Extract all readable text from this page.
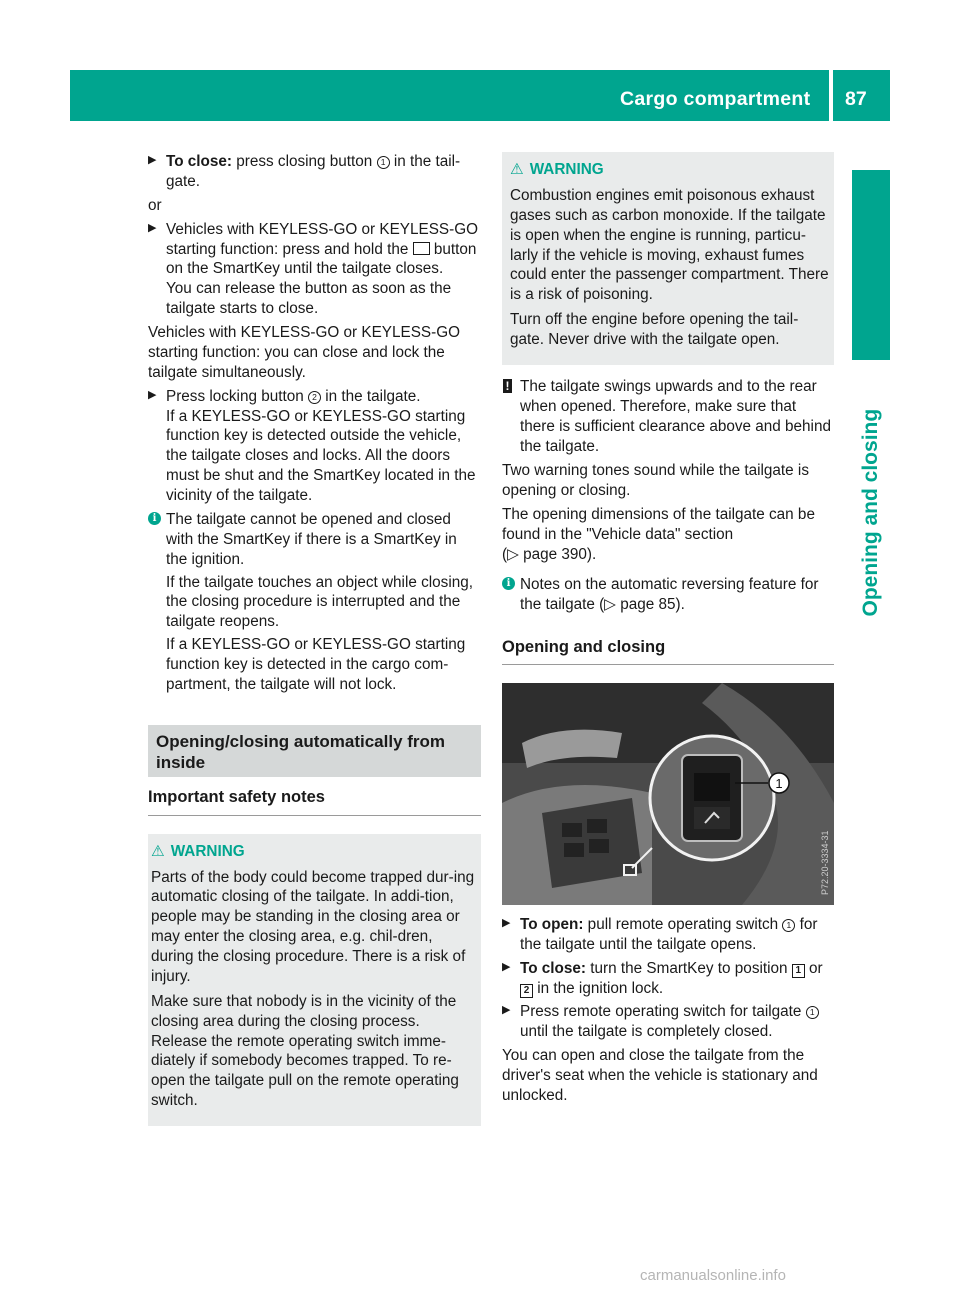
Cargo compartment 87
Opening and closing
▶ To close: press closing button 1 in the tail-gate.

or

▶ Vehicles with KEYLESS-GO or KEYLESS-GO starting function: press and hold the  button on the SmartKey until the tailgate closes.
You can release the button as soon as the tailgate starts to close.

Vehicles with KEYLESS-GO or KEYLESS-GO starting function: you can close and lock the tailgate simultaneously.

▶ Press locking button 2 in the tailgate.
If a KEYLESS-GO or KEYLESS-GO starting function key is detected outside the vehicle, the tailgate closes and locks. All the doors must be shut and the SmartKey located in the vicinity of the tailgate.
i The tailgate cannot be opened and closed with the SmartKey if there is a SmartKey in the ignition.

If the tailgate touches an object while closing, the closing procedure is interrupted and the tailgate reopens.

If a KEYLESS-GO or KEYLESS-GO starting function key is detected in the cargo com-partment, the tailgate will not lock.

Opening/closing automatically from inside
Important safety notes
⚠ WARNING

Parts of the body could become trapped dur-ing automatic closing of the tailgate. In addi-tion, people may be standing in the closing area or may enter the closing area, e.g. chil-dren, during the closing procedure. There is a risk of injury.

Make sure that nobody is in the vicinity of the closing area during the closing process. Release the remote operating switch imme-diately if somebody becomes trapped. To re-open the tailgate pull on the remote operating switch.

⚠ WARNING

Combustion engines emit poisonous exhaust gases such as carbon monoxide. If the tailgate is open when the engine is running, particu-larly if the vehicle is moving, exhaust fumes could enter the passenger compartment. There is a risk of poisoning.

Turn off the engine before opening the tail-gate. Never drive with the tailgate open.

! The tailgate swings upwards and to the rear when opened. Therefore, make sure that there is sufficient clearance above and behind the tailgate.

Two warning tones sound while the tailgate is opening or closing.

The opening dimensions of the tailgate can be found in the "Vehicle data" section
(▷ page 390).

i Notes on the automatic reversing feature for the tailgate (▷ page 85).

Opening and closing
1
P72.20-3334-31
▶ To open: pull remote operating switch 1 for the tailgate until the tailgate opens.
▶ To close: turn the SmartKey to position 1 or 2 in the ignition lock.
▶ Press remote operating switch for tailgate 1 until the tailgate is completely closed.

You can open and close the tailgate from the driver's seat when the vehicle is stationary and unlocked.

carmanualsonline.info
